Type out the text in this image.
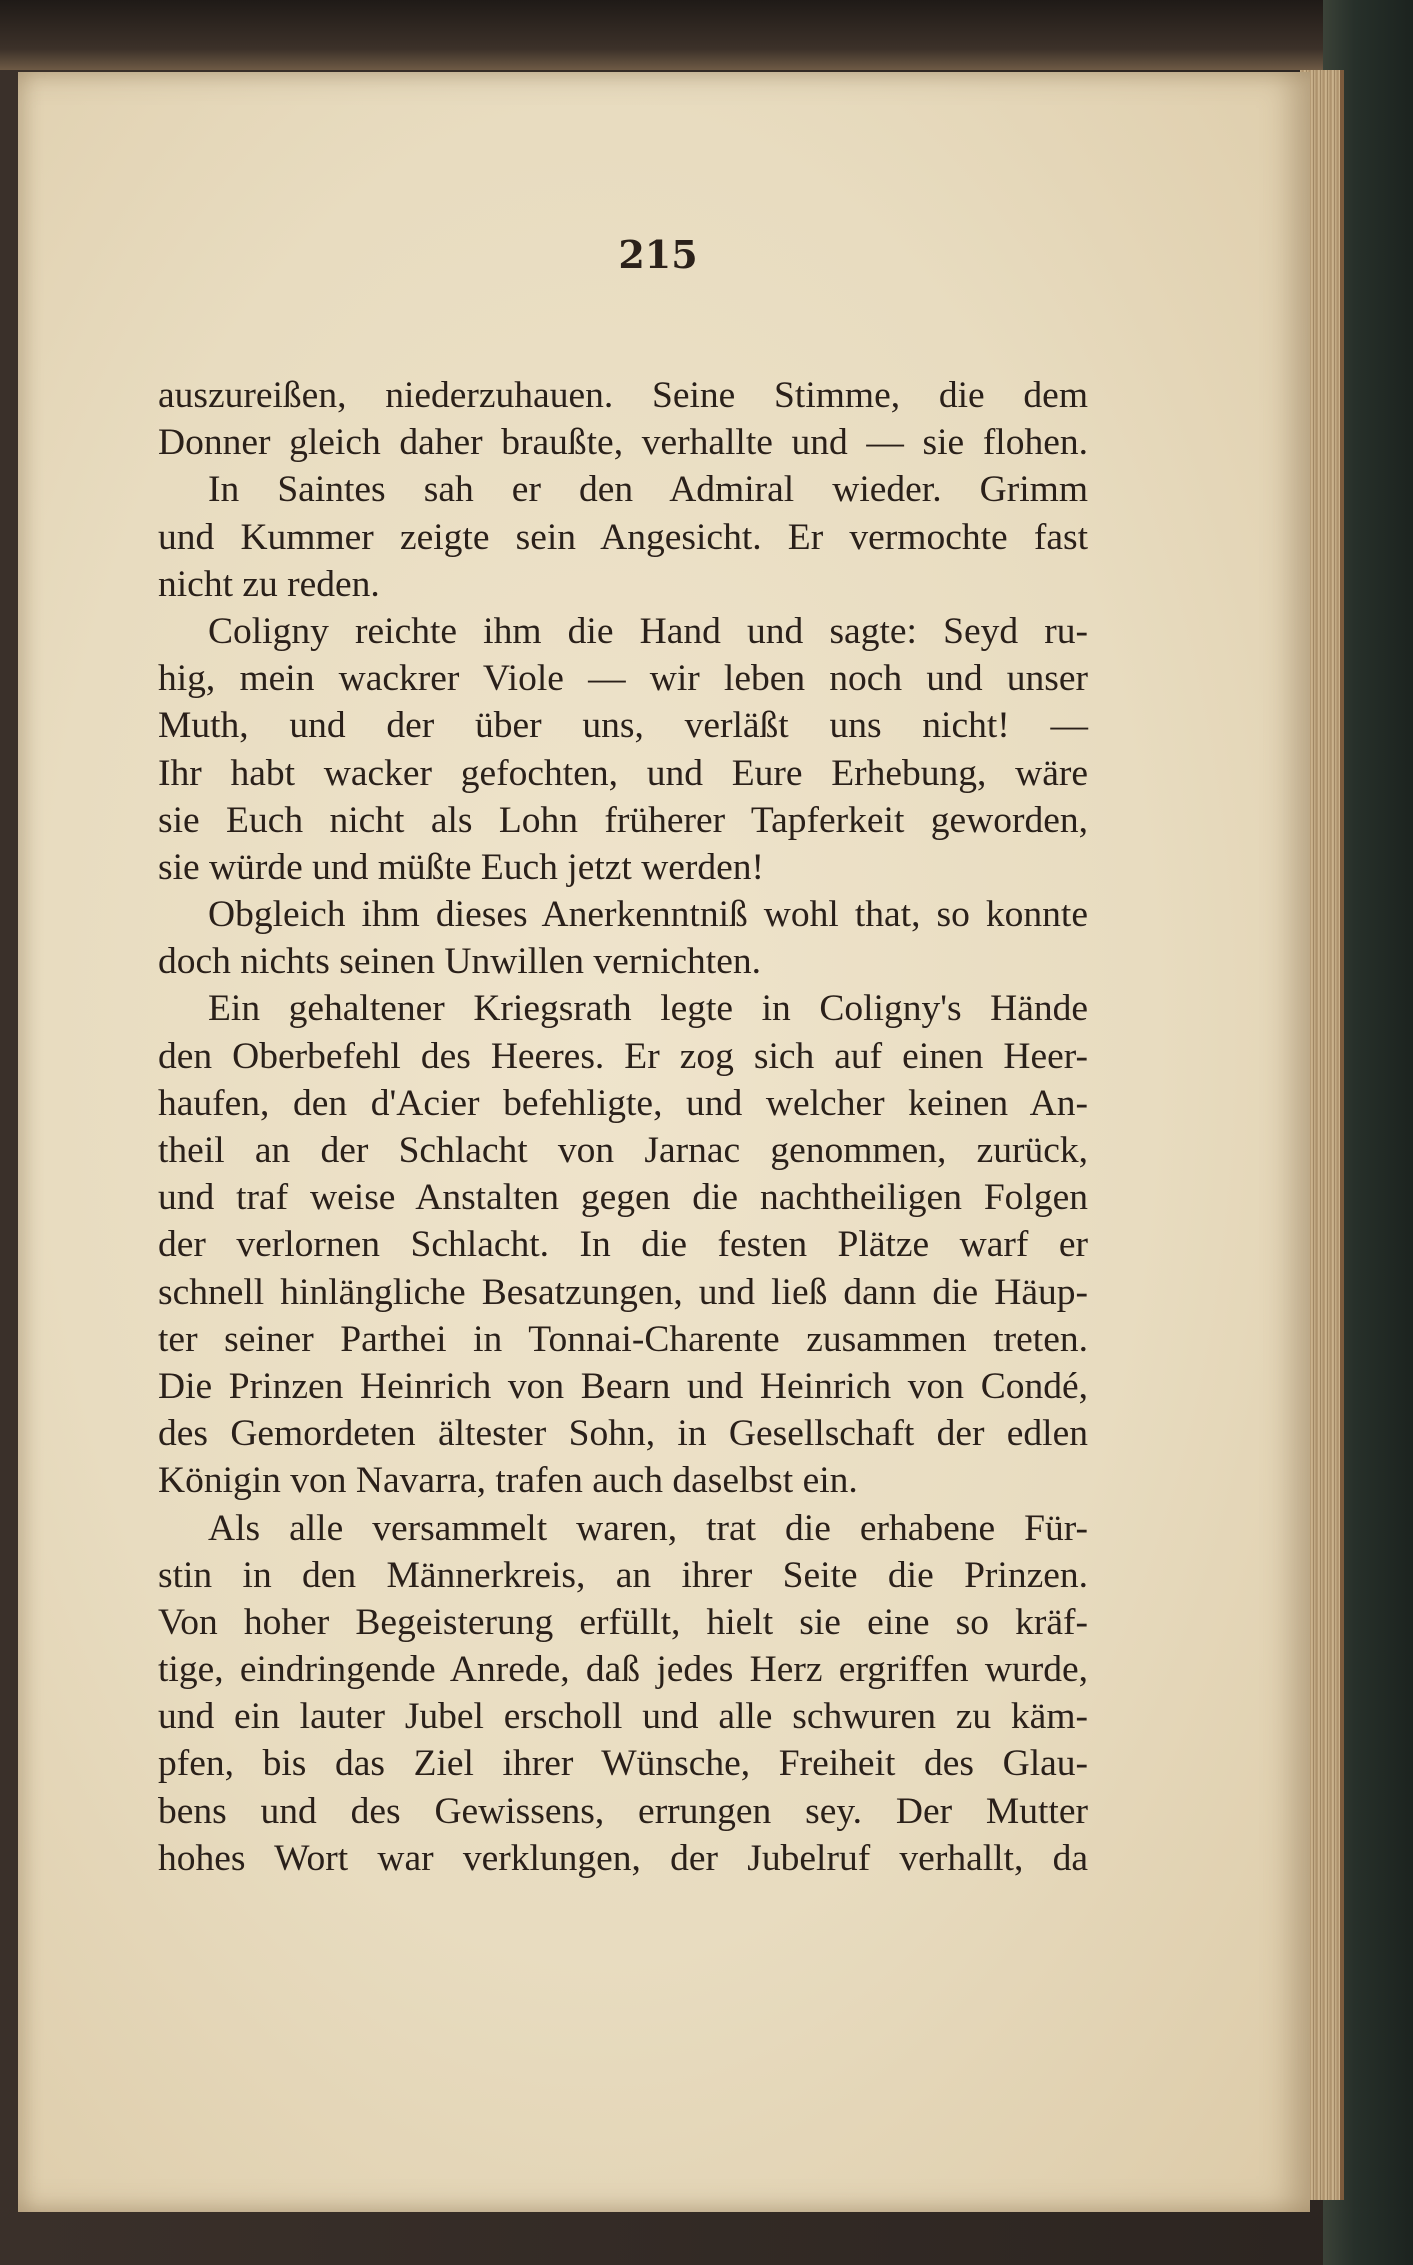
215
auszureißen, niederzuhauen. Seine Stimme, die dem
Donner gleich daher braußte, verhallte und — sie flohen.
In Saintes sah er den Admiral wieder. Grimm
und Kummer zeigte sein Angesicht. Er vermochte fast
nicht zu reden.
Coligny reichte ihm die Hand und sagte: Seyd ru-
hig, mein wackrer Viole — wir leben noch und unser
Muth, und der über uns, verläßt uns nicht! —
Ihr habt wacker gefochten, und Eure Erhebung, wäre
sie Euch nicht als Lohn früherer Tapferkeit geworden,
sie würde und müßte Euch jetzt werden!
Obgleich ihm dieses Anerkenntniß wohl that, so konnte
doch nichts seinen Unwillen vernichten.
Ein gehaltener Kriegsrath legte in Coligny's Hände
den Oberbefehl des Heeres. Er zog sich auf einen Heer-
haufen, den d'Acier befehligte, und welcher keinen An-
theil an der Schlacht von Jarnac genommen, zurück,
und traf weise Anstalten gegen die nachtheiligen Folgen
der verlornen Schlacht. In die festen Plätze warf er
schnell hinlängliche Besatzungen, und ließ dann die Häup-
ter seiner Parthei in Tonnai-Charente zusammen treten.
Die Prinzen Heinrich von Bearn und Heinrich von Condé,
des Gemordeten ältester Sohn, in Gesellschaft der edlen
Königin von Navarra, trafen auch daselbst ein.
Als alle versammelt waren, trat die erhabene Für-
stin in den Männerkreis, an ihrer Seite die Prinzen.
Von hoher Begeisterung erfüllt, hielt sie eine so kräf-
tige, eindringende Anrede, daß jedes Herz ergriffen wurde,
und ein lauter Jubel erscholl und alle schwuren zu käm-
pfen, bis das Ziel ihrer Wünsche, Freiheit des Glau-
bens und des Gewissens, errungen sey. Der Mutter
hohes Wort war verklungen, der Jubelruf verhallt, da
